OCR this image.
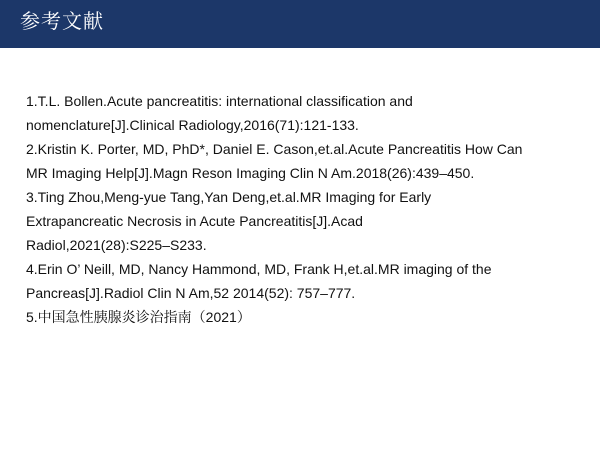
参考文献
1.T.L. Bollen.Acute pancreatitis: international classification and
nomenclature[J].Clinical Radiology,2016(71):121-133.
2.Kristin K. Porter, MD, PhD*, Daniel E. Cason,et.al.Acute Pancreatitis How Can
MR Imaging Help[J].Magn Reson Imaging Clin N Am.2018(26):439–450.
3.Ting Zhou,Meng-yue Tang,Yan Deng,et.al.MR Imaging for Early
Extrapancreatic Necrosis in Acute Pancreatitis[J].Acad
Radiol,2021(28):S225–S233.
4.Erin O’ Neill, MD, Nancy Hammond, MD, Frank H,et.al.MR imaging of the
Pancreas[J].Radiol Clin N Am,52 2014(52): 757–777.
5.中国急性胰腺炎诊治指南（2021）
